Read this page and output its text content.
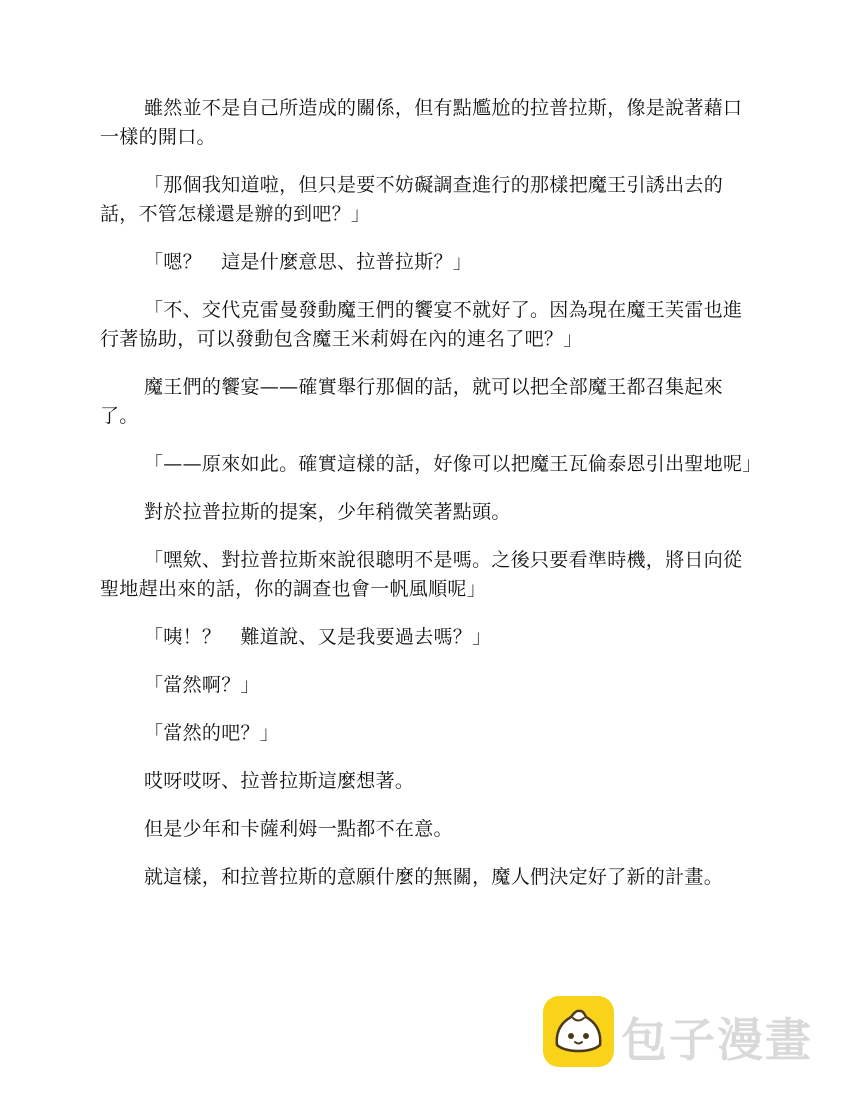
雖然並不是自己所造成的關係，但有點尷尬的拉普拉斯，像是說著藉口一樣的開口。

「那個我知道啦，但只是要不妨礙調查進行的那樣把魔王引誘出去的話，不管怎樣還是辦的到吧？」

「嗯？　這是什麼意思、拉普拉斯？」

「不、交代克雷曼發動魔王們的饗宴不就好了。因為現在魔王芙雷也進行著協助，可以發動包含魔王米莉姆在內的連名了吧？」

魔王們的饗宴——確實舉行那個的話，就可以把全部魔王都召集起來了。

「——原來如此。確實這樣的話，好像可以把魔王瓦倫泰恩引出聖地呢」

對於拉普拉斯的提案，少年稍微笑著點頭。

「嘿欸、對拉普拉斯來說很聰明不是嗎。之後只要看準時機，將日向從聖地趕出來的話，你的調查也會一帆風順呢」

「咦！？　難道說、又是我要過去嗎？」

「當然啊？」

「當然的吧？」

哎呀哎呀、拉普拉斯這麼想著。

但是少年和卡薩利姆一點都不在意。

就這樣，和拉普拉斯的意願什麼的無關，魔人們決定好了新的計畫。

包子漫畫
